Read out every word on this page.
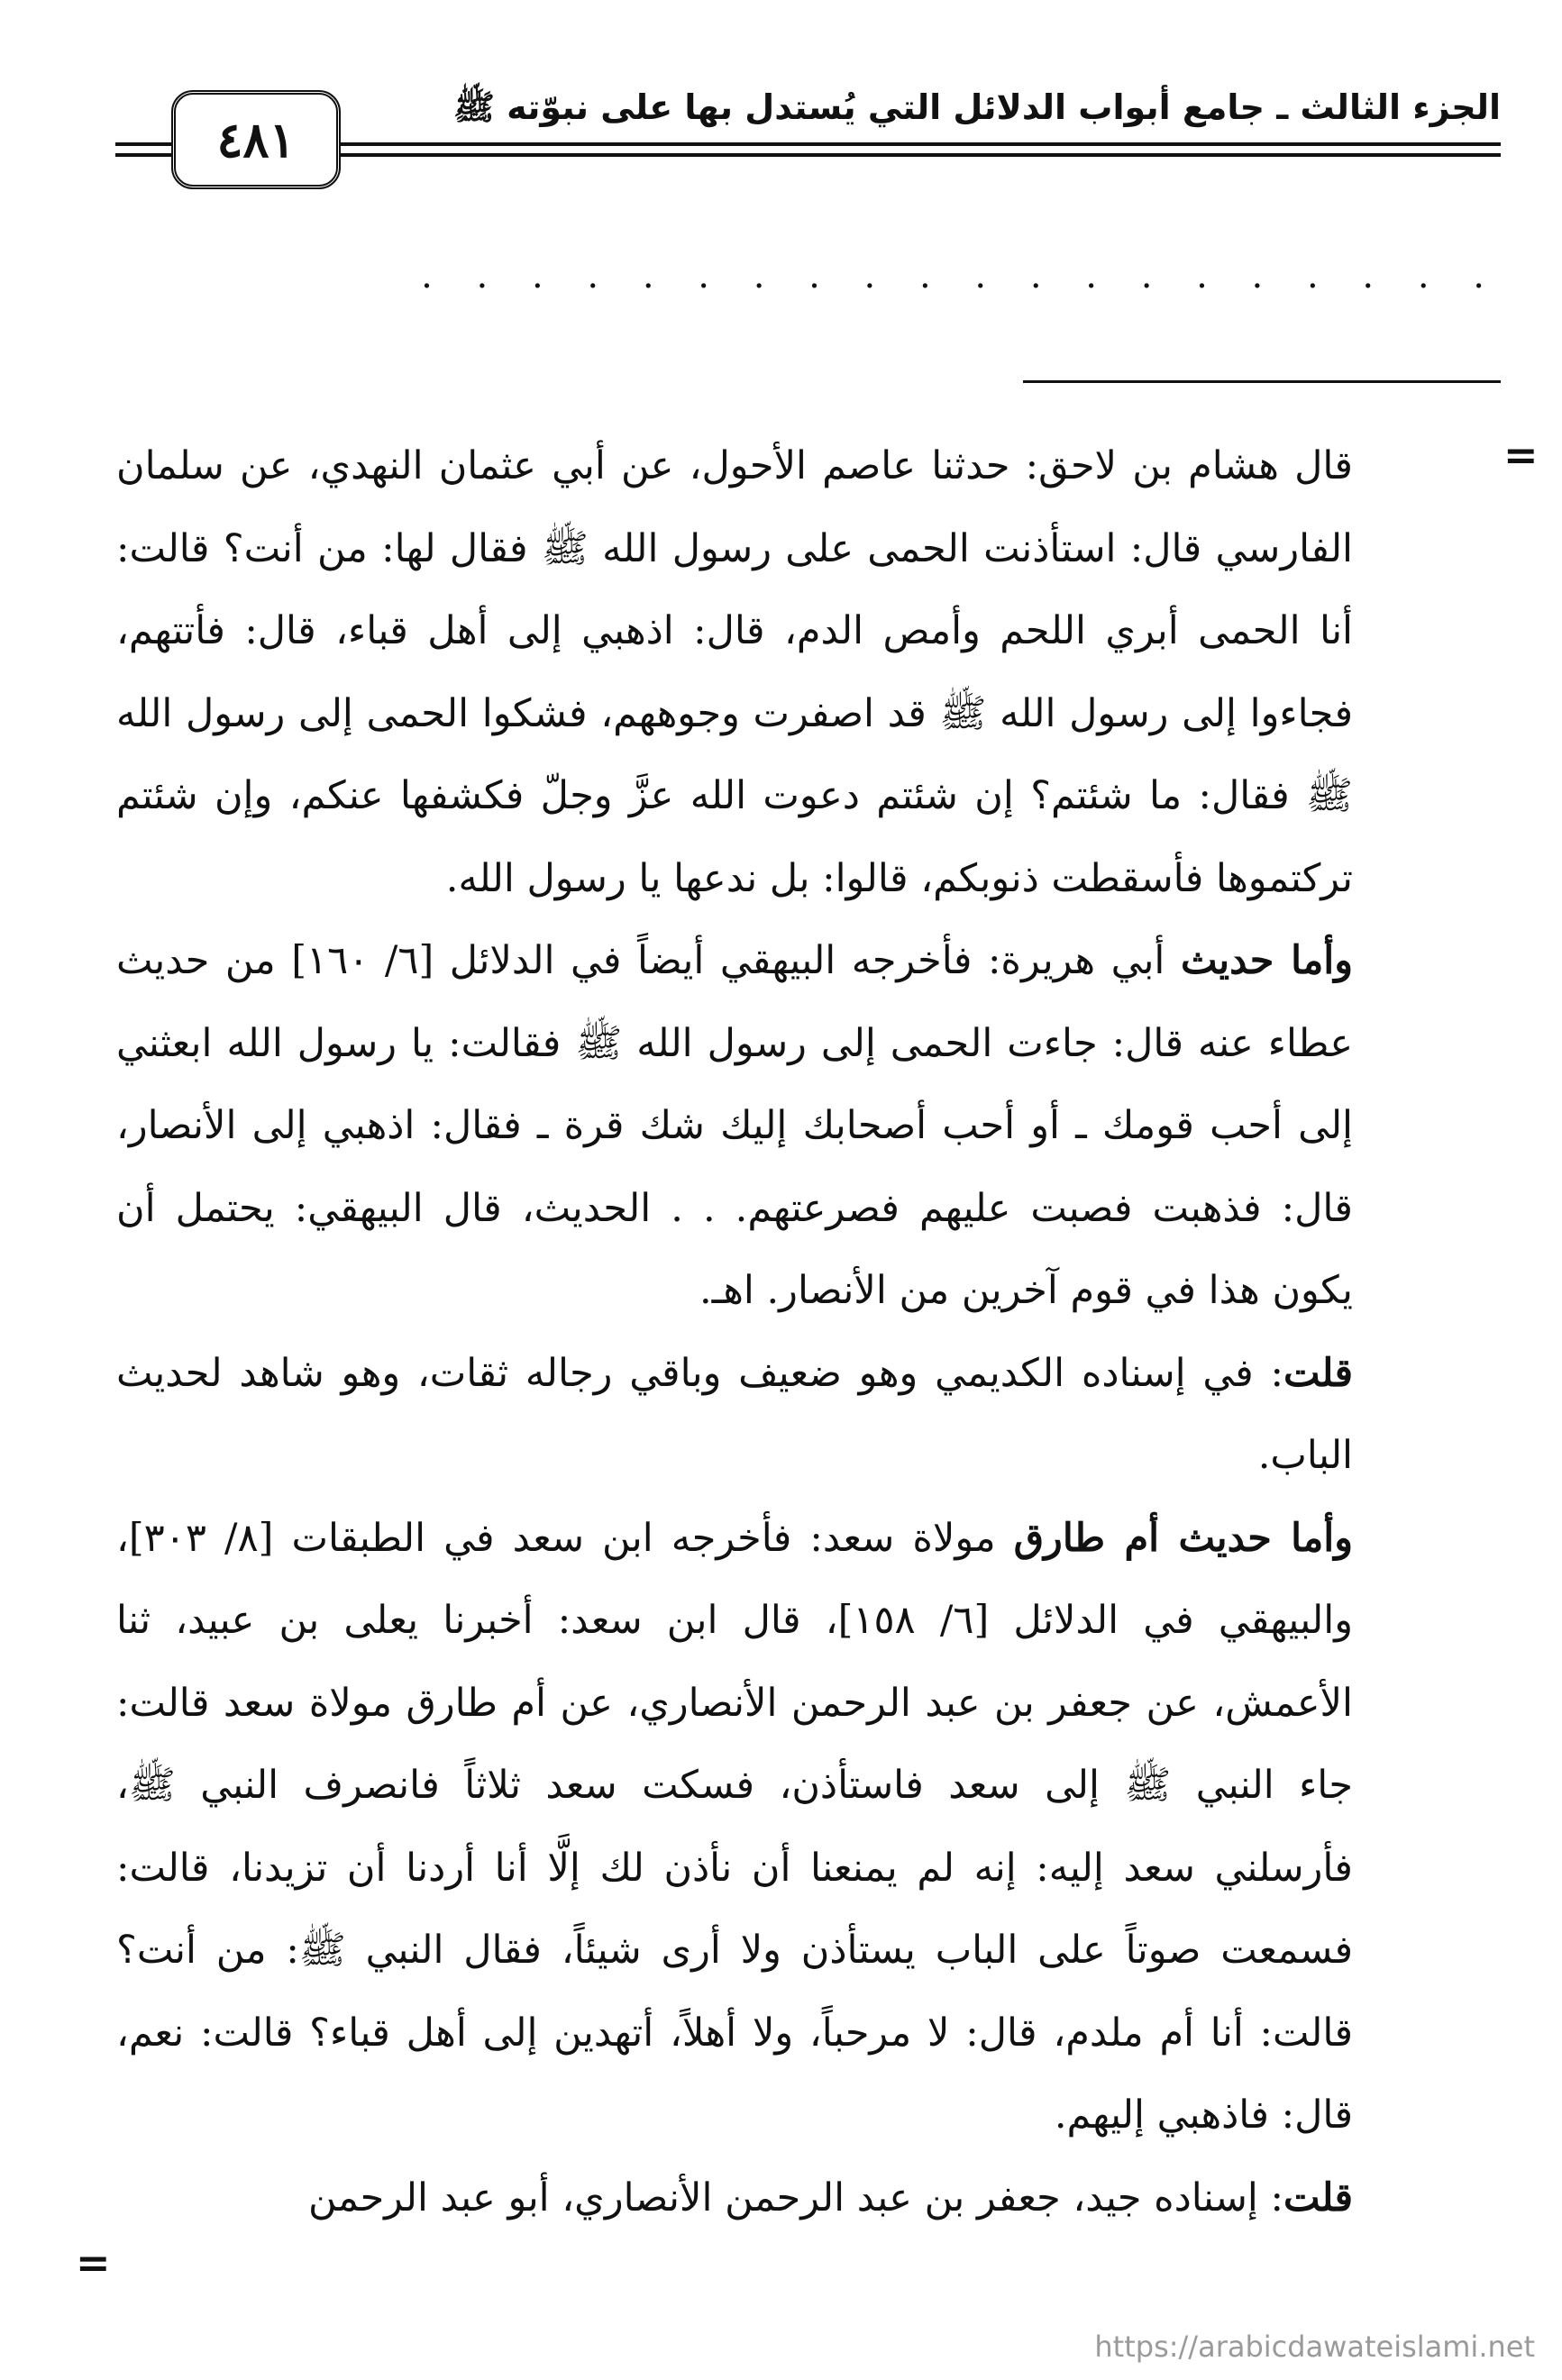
الجزء الثالث ـ جامع أبواب الدلائل التي يُستدل بها على نبوّته ﷺ
٤٨١
. . . . . . . . . . . . . . . . . . . .
=

قال هشام بن لاحق: حدثنا عاصم الأحول، عن أبي عثمان النهدي، عن سلمان الفارسي قال: استأذنت الحمى على رسول الله ﷺ فقال لها: من أنت؟ قالت: أنا الحمى أبري اللحم وأمص الدم، قال: اذهبي إلى أهل قباء، قال: فأتتهم، فجاءوا إلى رسول الله ﷺ قد اصفرت وجوههم، فشكوا الحمى إلى رسول الله ﷺ فقال: ما شئتم؟ إن شئتم دعوت الله عزَّ وجلّ فكشفها عنكم، وإن شئتم تركتموها فأسقطت ذنوبكم، قالوا: بل ندعها يا رسول الله.

وأما حديث أبي هريرة: فأخرجه البيهقي أيضاً في الدلائل [٦/ ١٦٠] من حديث عطاء عنه قال: جاءت الحمى إلى رسول الله ﷺ فقالت: يا رسول الله ابعثني إلى أحب قومك ـ أو أحب أصحابك إليك شك قرة ـ فقال: اذهبي إلى الأنصار، قال: فذهبت فصبت عليهم فصرعتهم. . . الحديث، قال البيهقي: يحتمل أن يكون هذا في قوم آخرين من الأنصار. اهـ.

قلت: في إسناده الكديمي وهو ضعيف وباقي رجاله ثقات، وهو شاهد لحديث الباب.

وأما حديث أم طارق مولاة سعد: فأخرجه ابن سعد في الطبقات [٨/ ٣٠٣]، والبيهقي في الدلائل [٦/ ١٥٨]، قال ابن سعد: أخبرنا يعلى بن عبيد، ثنا الأعمش، عن جعفر بن عبد الرحمن الأنصاري، عن أم طارق مولاة سعد قالت: جاء النبي ﷺ إلى سعد فاستأذن، فسكت سعد ثلاثاً فانصرف النبي ﷺ، فأرسلني سعد إليه: إنه لم يمنعنا أن نأذن لك إلَّا أنا أردنا أن تزيدنا، قالت: فسمعت صوتاً على الباب يستأذن ولا أرى شيئاً، فقال النبي ﷺ: من أنت؟ قالت: أنا أم ملدم، قال: لا مرحباً، ولا أهلاً، أتهدين إلى أهل قباء؟ قالت: نعم، قال: فاذهبي إليهم.

قلت: إسناده جيد، جعفر بن عبد الرحمن الأنصاري، أبو عبد الرحمن

=
https://arabicdawateislami.net
